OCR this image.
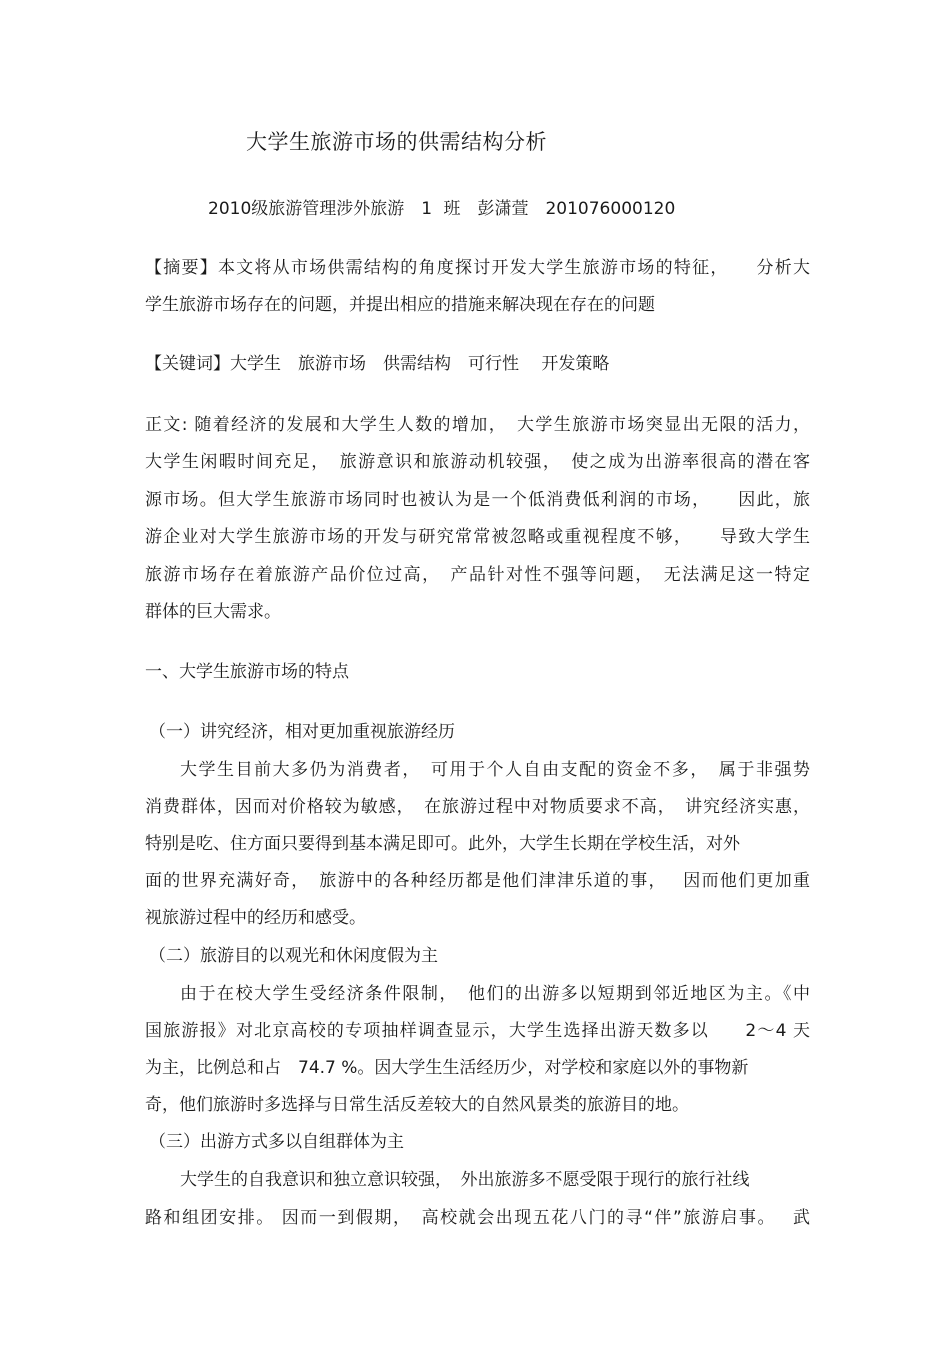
大学生旅游市场的供需结构分析
2010级旅游管理涉外旅游　1 班　彭潇萱　201076000120
【摘要】本文将从市场供需结构的角度探讨开发大学生旅游市场的特征，　　分析大
学生旅游市场存在的问题，并提出相应的措施来解决现在存在的问题
【关键词】大学生　旅游市场　供需结构　可行性　 开发策略
正文: 随着经济的发展和大学生人数的增加，　大学生旅游市场突显出无限的活力，
大学生闲暇时间充足，　旅游意识和旅游动机较强，　使之成为出游率很高的潜在客
源市场。但大学生旅游市场同时也被认为是一个低消费低利润的市场，　　因此，旅
游企业对大学生旅游市场的开发与研究常常被忽略或重视程度不够，　　导致大学生
旅游市场存在着旅游产品价位过高，　产品针对性不强等问题，　无法满足这一特定
群体的巨大需求。
一、大学生旅游市场的特点
（一）讲究经济，相对更加重视旅游经历
大学生目前大多仍为消费者，　可用于个人自由支配的资金不多，　属于非强势
消费群体，因而对价格较为敏感，　在旅游过程中对物质要求不高，　讲究经济实惠，
特别是吃、住方面只要得到基本满足即可。此外，大学生长期在学校生活，对外
面的世界充满好奇，　旅游中的各种经历都是他们津津乐道的事，　 因而他们更加重
视旅游过程中的经历和感受。
（二）旅游目的以观光和休闲度假为主
由于在校大学生受经济条件限制，　他们的出游多以短期到邻近地区为主。《中
国旅游报》对北京高校的专项抽样调查显示，大学生选择出游天数多以　　2～4 天
为主，比例总和占　74.7 %。因大学生生活经历少，对学校和家庭以外的事物新
奇，他们旅游时多选择与日常生活反差较大的自然风景类的旅游目的地。
（三）出游方式多以自组群体为主
大学生的自我意识和独立意识较强，　外出旅游多不愿受限于现行的旅行社线
路和组团安排。 因而一到假期，　高校就会出现五花八门的寻“伴”旅游启事。　 武
